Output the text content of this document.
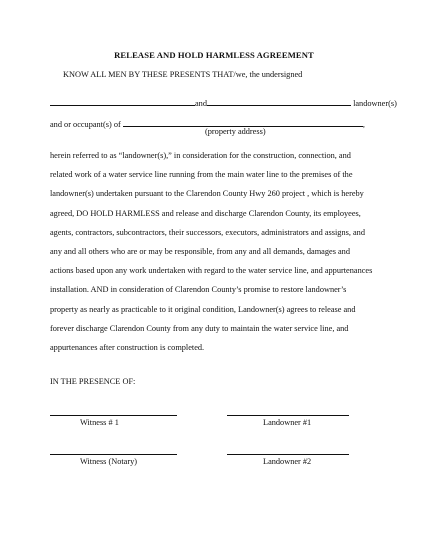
RELEASE AND HOLD HARMLESS AGREEMENT
KNOW ALL MEN BY THESE PRESENTS THAT/we, the undersigned
and	landowner(s)
and or occupant(s) of	,
(property address)

herein referred to as “landowner(s),” in consideration for the construction, connection, and

related work of a water service line running from the main water line to the premises of the

landowner(s) undertaken pursuant to the Clarendon County Hwy 260 project , which is hereby

agreed, DO HOLD HARMLESS and release and discharge Clarendon County, its employees,

agents, contractors, subcontractors, their successors, executors, administrators and assigns, and

any and all others who are or may be responsible, from any and all demands, damages and

actions based upon any work undertaken with regard to the water service line, and appurtenances

installation. AND in consideration of Clarendon County’s promise to restore landowner’s

property as nearly as practicable to it original condition, Landowner(s) agrees to release and

forever discharge Clarendon County from any duty to maintain the water service line, and

appurtenances after construction is completed.

IN THE PRESENCE OF:
Witness # 1	Landowner #1
Witness (Notary)	Landowner #2
